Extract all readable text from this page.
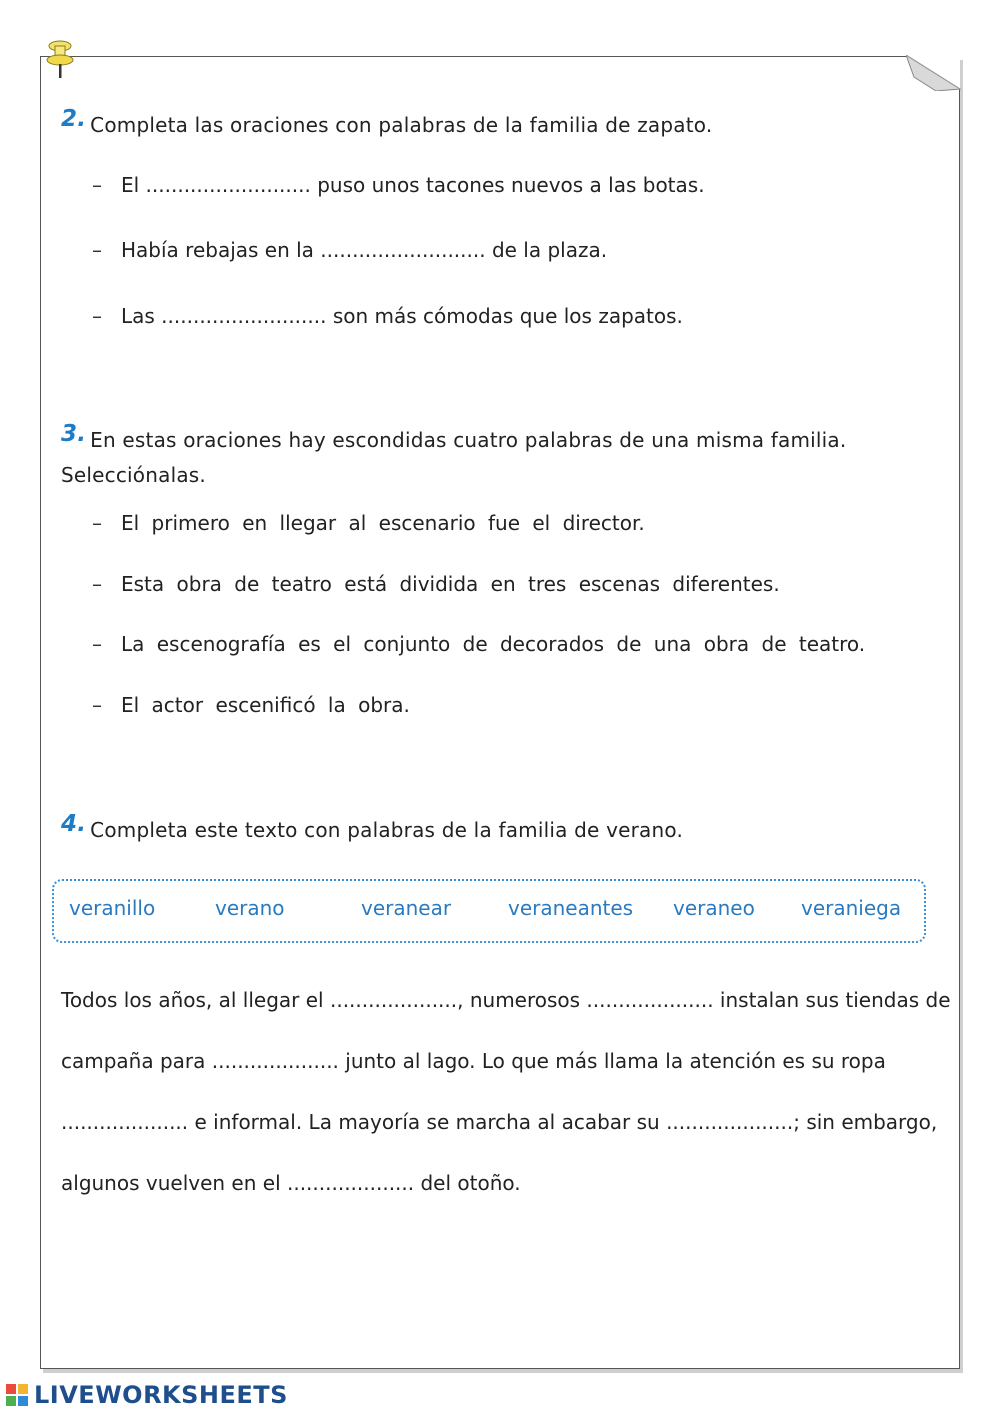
2. Completa las oraciones con palabras de la familia de zapato.
– El .......................... puso unos tacones nuevos a las botas.
– Había rebajas en la .......................... de la plaza.
– Las .......................... son más cómodas que los zapatos.
3. En estas oraciones hay escondidas cuatro palabras de una misma familia.
Selecciónalas.
– El primero en llegar al escenario fue el director.
– Esta obra de teatro está dividida en tres escenas diferentes.
– La escenografía es el conjunto de decorados de una obra de teatro.
– El actor escenificó la obra.
4. Completa este texto con palabras de la familia de verano.
veranillo	verano	veranear	veraneantes veraneo veraniega
Todos los años, al llegar el ...................., numerosos .................... instalan sus tiendas de
campaña para .................... junto al lago. Lo que más llama la atención es su ropa
.................... e informal. La mayoría se marcha al acabar su ....................; sin embargo,
algunos vuelven en el .................... del otoño.
LIVEWORKSHEETS
